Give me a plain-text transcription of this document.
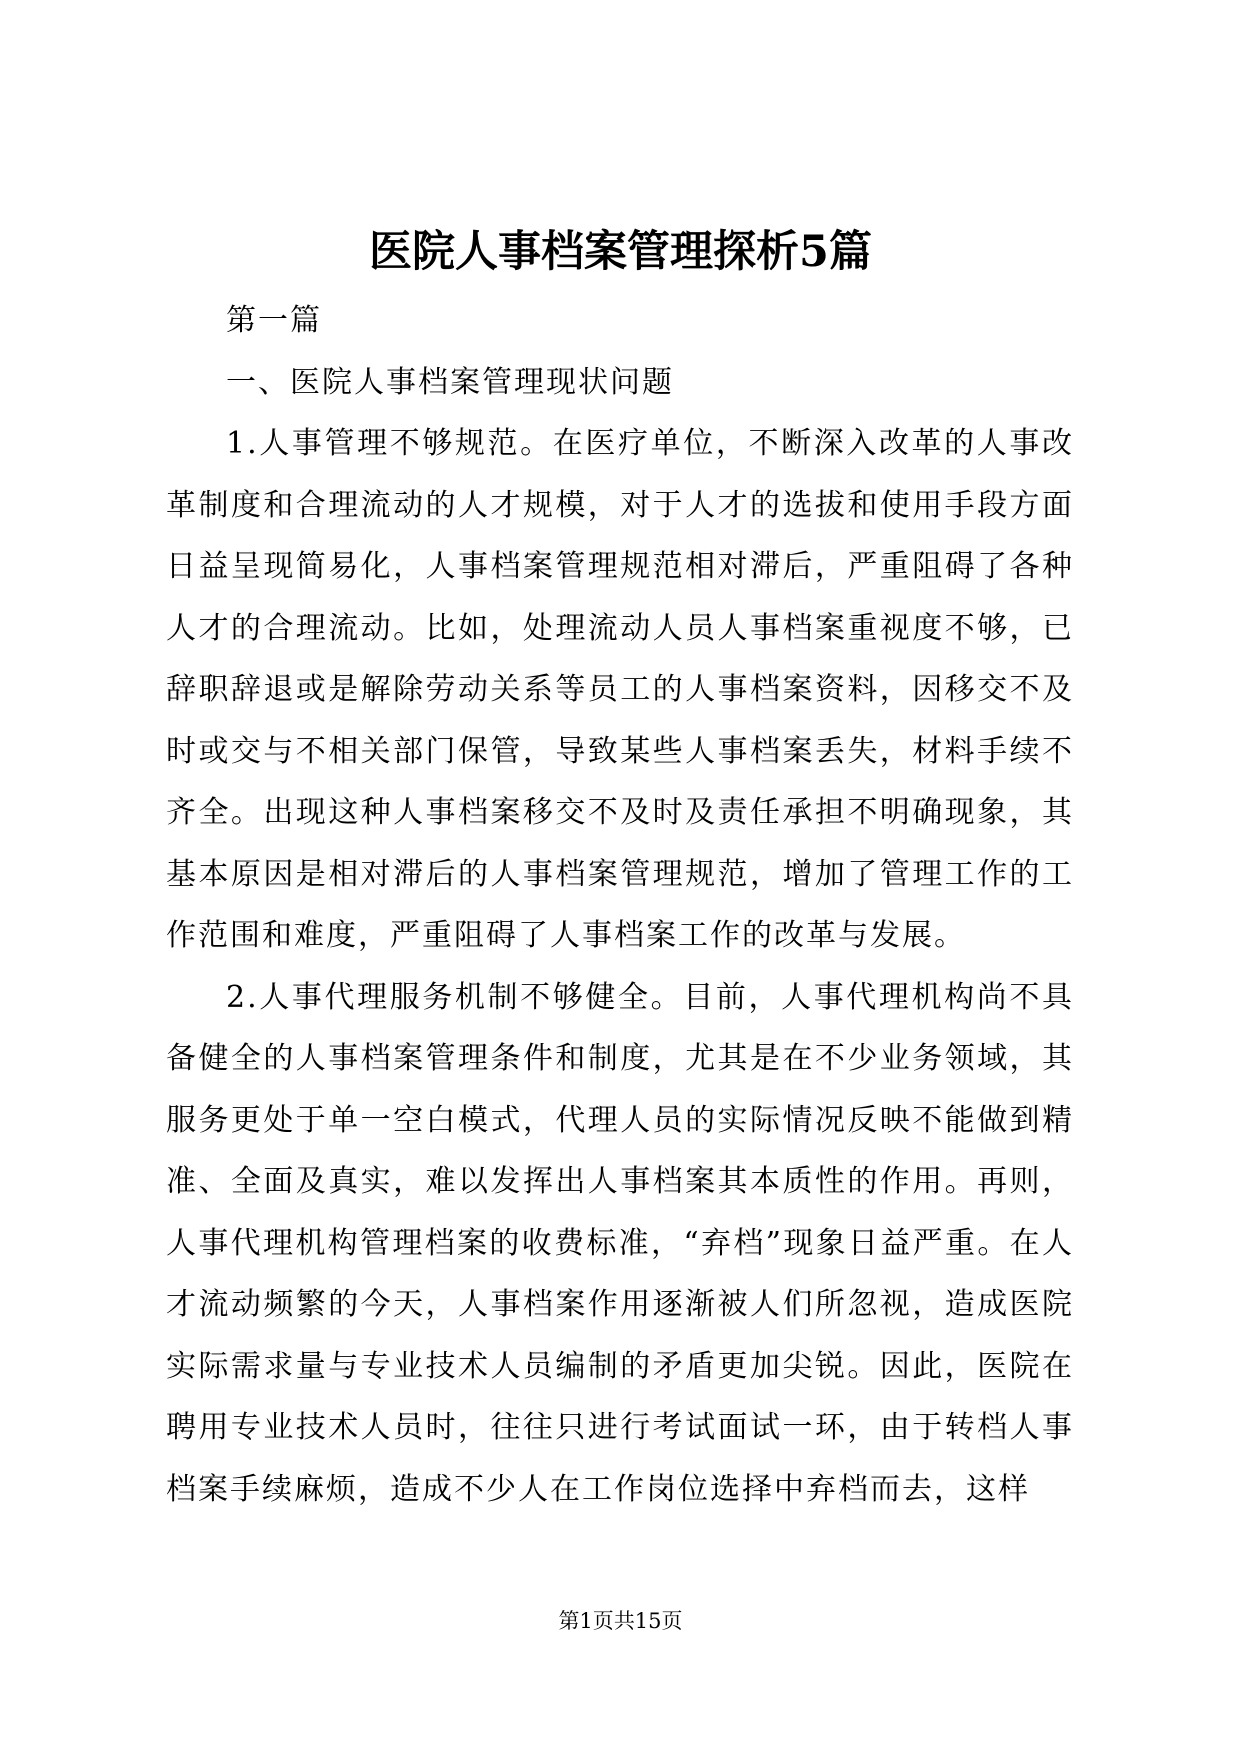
医院人事档案管理探析5篇

第一篇

一、医院人事档案管理现状问题

1.人事管理不够规范。在医疗单位，不断深入改革的人事改革制度和合理流动的人才规模，对于人才的选拔和使用手段方面日益呈现简易化，人事档案管理规范相对滞后，严重阻碍了各种人才的合理流动。比如，处理流动人员人事档案重视度不够，已辞职辞退或是解除劳动关系等员工的人事档案资料，因移交不及时或交与不相关部门保管，导致某些人事档案丢失，材料手续不齐全。出现这种人事档案移交不及时及责任承担不明确现象，其基本原因是相对滞后的人事档案管理规范，增加了管理工作的工作范围和难度，严重阻碍了人事档案工作的改革与发展。

2.人事代理服务机制不够健全。目前，人事代理机构尚不具备健全的人事档案管理条件和制度，尤其是在不少业务领域，其服务更处于单一空白模式，代理人员的实际情况反映不能做到精准、全面及真实，难以发挥出人事档案其本质性的作用。再则，人事代理机构管理档案的收费标准，“弃档”现象日益严重。在人才流动频繁的今天，人事档案作用逐渐被人们所忽视，造成医院实际需求量与专业技术人员编制的矛盾更加尖锐。因此，医院在聘用专业技术人员时，往往只进行考试面试一环，由于转档人事档案手续麻烦，造成不少人在工作岗位选择中弃档而去，这样

第1页共15页
